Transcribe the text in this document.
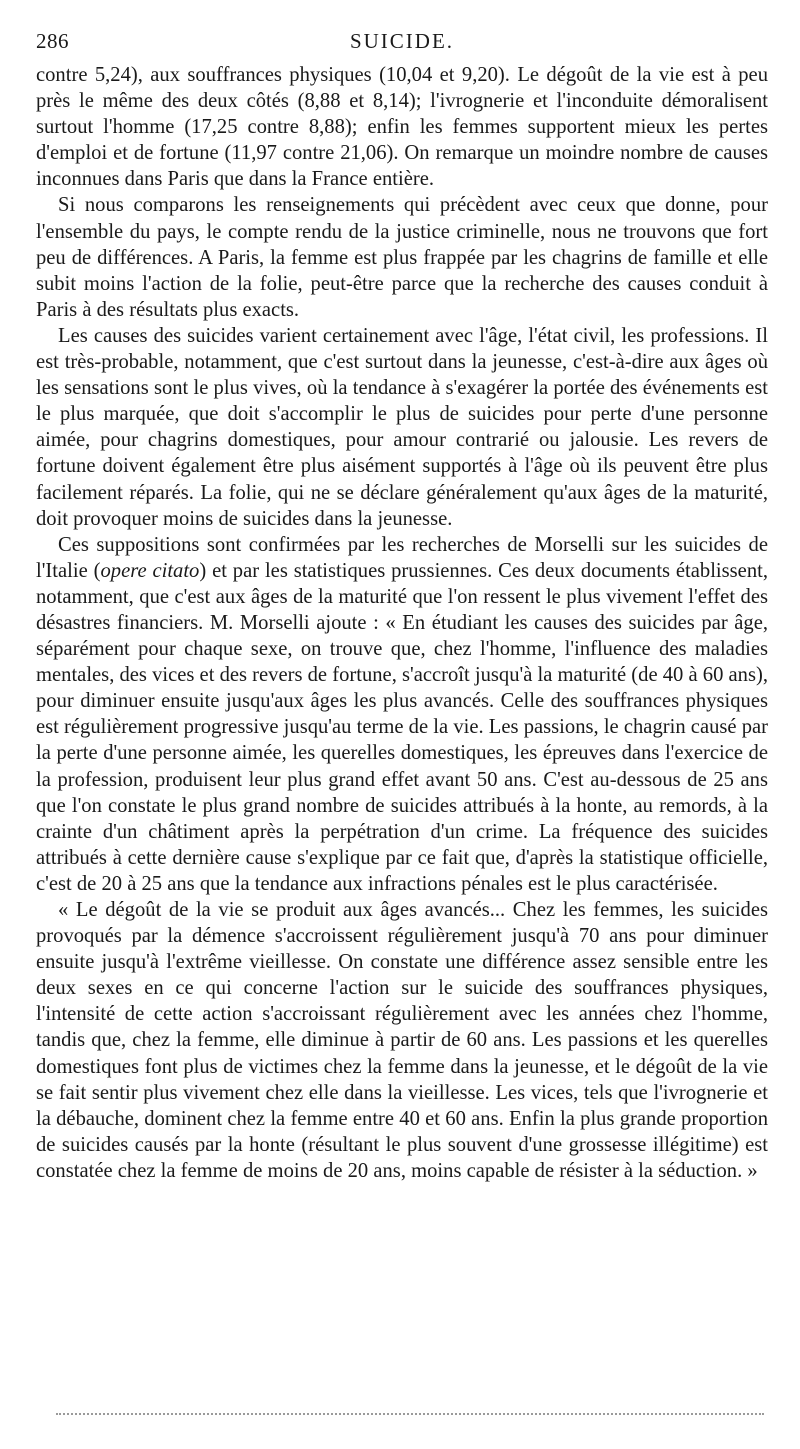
286	SUICIDE.

contre 5,24), aux souffrances physiques (10,04 et 9,20). Le dégoût de la vie est à peu près le même des deux côtés (8,88 et 8,14); l'ivrognerie et l'inconduite démoralisent surtout l'homme (17,25 contre 8,88); enfin les femmes supportent mieux les pertes d'emploi et de fortune (11,97 contre 21,06). On remarque un moindre nombre de causes inconnues dans Paris que dans la France entière.

Si nous comparons les renseignements qui précèdent avec ceux que donne, pour l'ensemble du pays, le compte rendu de la justice criminelle, nous ne trouvons que fort peu de différences. A Paris, la femme est plus frappée par les chagrins de famille et elle subit moins l'action de la folie, peut-être parce que la recherche des causes conduit à Paris à des résultats plus exacts.

Les causes des suicides varient certainement avec l'âge, l'état civil, les professions. Il est très-probable, notamment, que c'est surtout dans la jeunesse, c'est-à-dire aux âges où les sensations sont le plus vives, où la tendance à s'exagérer la portée des événements est le plus marquée, que doit s'accomplir le plus de suicides pour perte d'une personne aimée, pour chagrins domestiques, pour amour contrarié ou jalousie. Les revers de fortune doivent également être plus aisément supportés à l'âge où ils peuvent être plus facilement réparés. La folie, qui ne se déclare généralement qu'aux âges de la maturité, doit provoquer moins de suicides dans la jeunesse.

Ces suppositions sont confirmées par les recherches de Morselli sur les suicides de l'Italie (opere citato) et par les statistiques prussiennes. Ces deux documents établissent, notamment, que c'est aux âges de la maturité que l'on ressent le plus vivement l'effet des désastres financiers. M. Morselli ajoute : « En étudiant les causes des suicides par âge, séparément pour chaque sexe, on trouve que, chez l'homme, l'influence des maladies mentales, des vices et des revers de fortune, s'accroît jusqu'à la maturité (de 40 à 60 ans), pour diminuer ensuite jusqu'aux âges les plus avancés. Celle des souffrances physiques est régulièrement progressive jusqu'au terme de la vie. Les passions, le chagrin causé par la perte d'une personne aimée, les querelles domestiques, les épreuves dans l'exercice de la profession, produisent leur plus grand effet avant 50 ans. C'est au-dessous de 25 ans que l'on constate le plus grand nombre de suicides attribués à la honte, au remords, à la crainte d'un châtiment après la perpétration d'un crime. La fréquence des suicides attribués à cette dernière cause s'explique par ce fait que, d'après la statistique officielle, c'est de 20 à 25 ans que la tendance aux infractions pénales est le plus caractérisée.

« Le dégoût de la vie se produit aux âges avancés... Chez les femmes, les suicides provoqués par la démence s'accroissent régulièrement jusqu'à 70 ans pour diminuer ensuite jusqu'à l'extrême vieillesse. On constate une différence assez sensible entre les deux sexes en ce qui concerne l'action sur le suicide des souffrances physiques, l'intensité de cette action s'accroissant régulièrement avec les années chez l'homme, tandis que, chez la femme, elle diminue à partir de 60 ans. Les passions et les querelles domestiques font plus de victimes chez la femme dans la jeunesse, et le dégoût de la vie se fait sentir plus vivement chez elle dans la vieillesse. Les vices, tels que l'ivrognerie et la débauche, dominent chez la femme entre 40 et 60 ans. Enfin la plus grande proportion de suicides causés par la honte (résultant le plus souvent d'une grossesse illégitime) est constatée chez la femme de moins de 20 ans, moins capable de résister à la séduction. »
